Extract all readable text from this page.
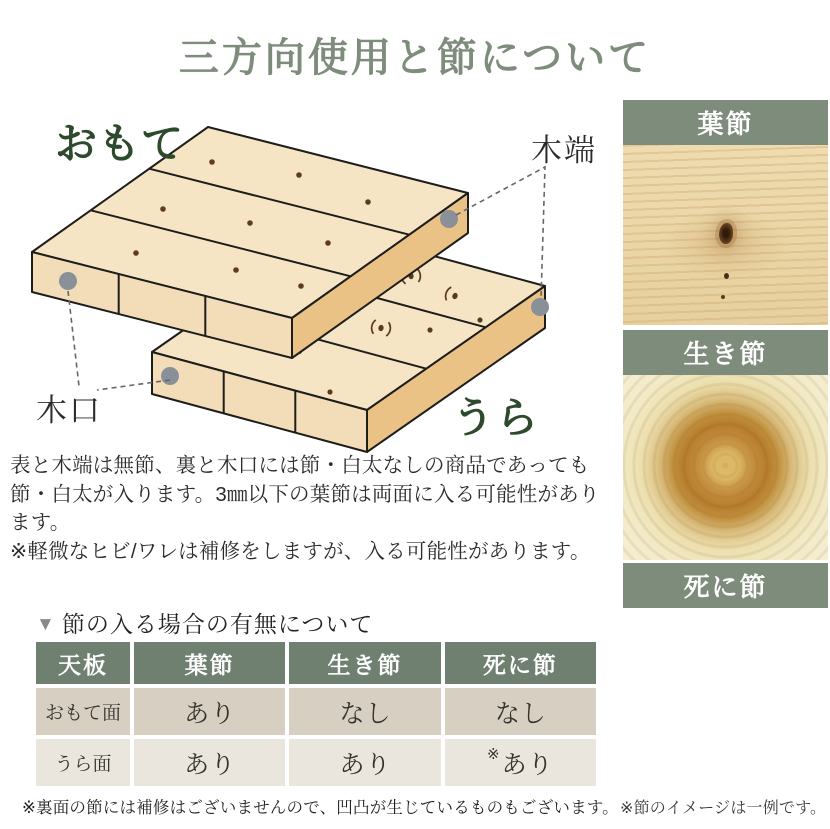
三方向使用と節について
おもて
うら
木端
木口
表と木端は無節、裏と木口には節・白太なしの商品であっても節・白太が入ります。3㎜以下の葉節は両面に入る可能性があります。
※軽微なヒビ/ワレは補修をしますが、入る可能性があります。
▼ 節の入る場合の有無について
天板	葉節	生き節	死に節
おもて面	あり	なし	なし
うら面	あり	あり	※ あり
※裏面の節には補修はございませんので、凹凸が生じているものもございます。
葉節
生き節
死に節
※節のイメージは一例です。
